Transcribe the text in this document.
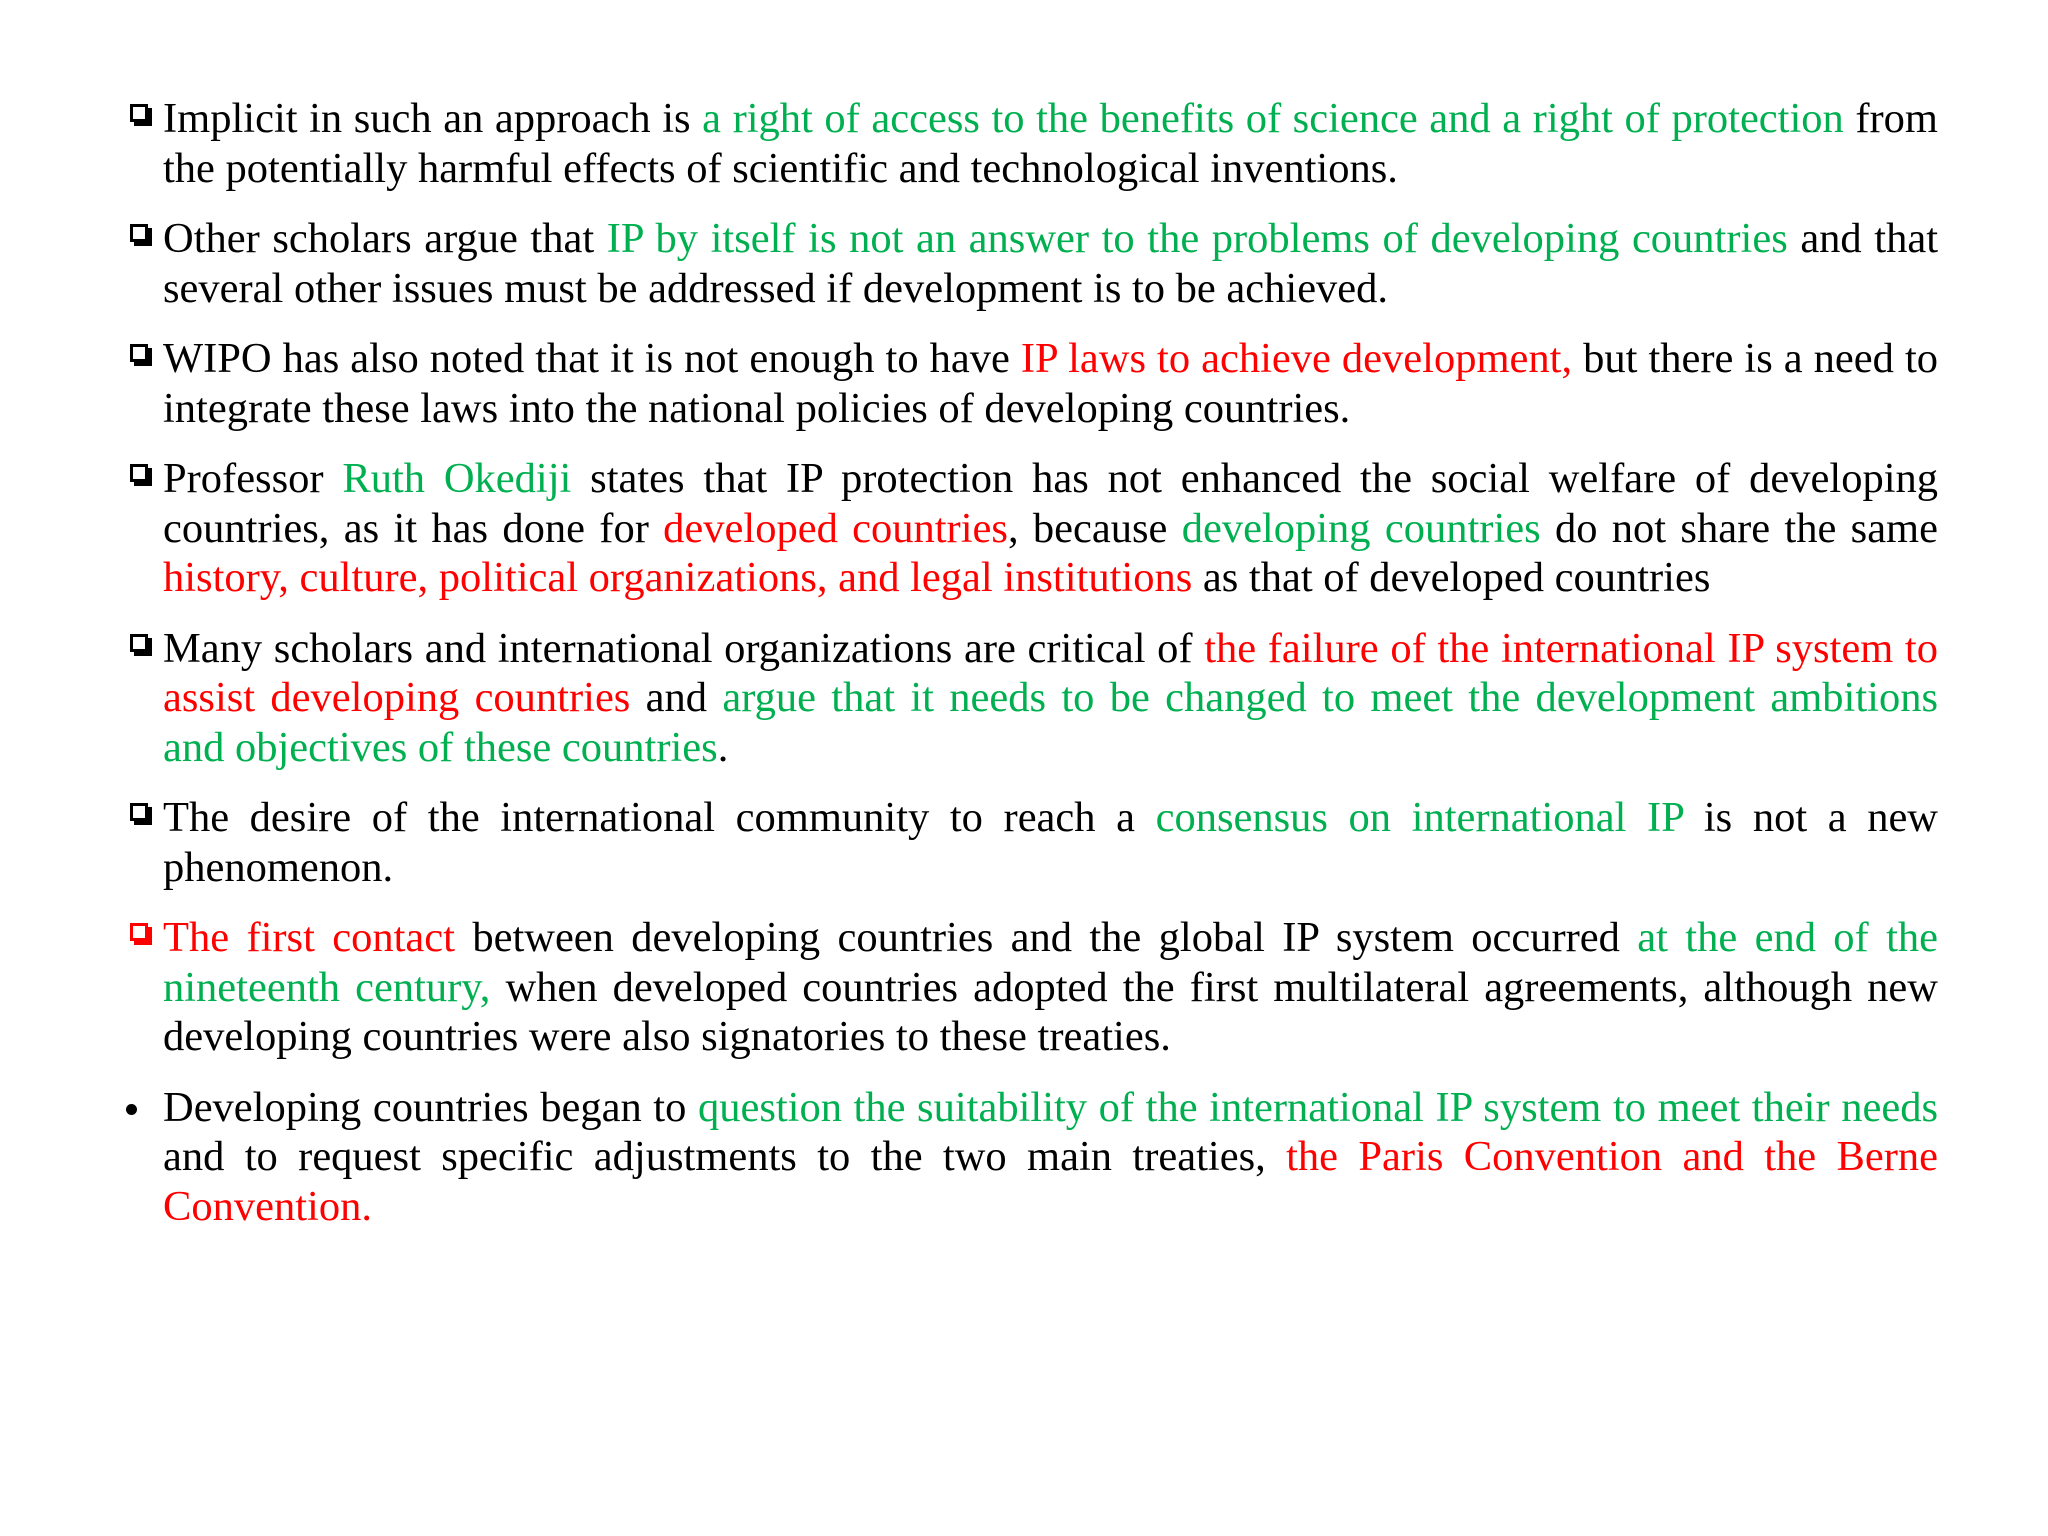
Implicit in such an approach is a right of access to the benefits of science and a right of protection from the potentially harmful effects of scientific and technological inventions.
Other scholars argue that IP by itself is not an answer to the problems of developing countries and that several other issues must be addressed if development is to be achieved.
WIPO has also noted that it is not enough to have IP laws to achieve development, but there is a need to integrate these laws into the national policies of developing countries.
Professor Ruth Okediji states that IP protection has not enhanced the social welfare of developing countries, as it has done for developed countries, because developing countries do not share the same history, culture, political organizations, and legal institutions as that of developed countries
Many scholars and international organizations are critical of the failure of the international IP system to assist developing countries and argue that it needs to be changed to meet the development ambitions and objectives of these countries.
The desire of the international community to reach a consensus on international IP is not a new phenomenon.
The first contact between developing countries and the global IP system occurred at the end of the nineteenth century, when developed countries adopted the first multilateral agreements, although new developing countries were also signatories to these treaties.
Developing countries began to question the suitability of the international IP system to meet their needs and to request specific adjustments to the two main treaties, the Paris Convention and the Berne Convention.
